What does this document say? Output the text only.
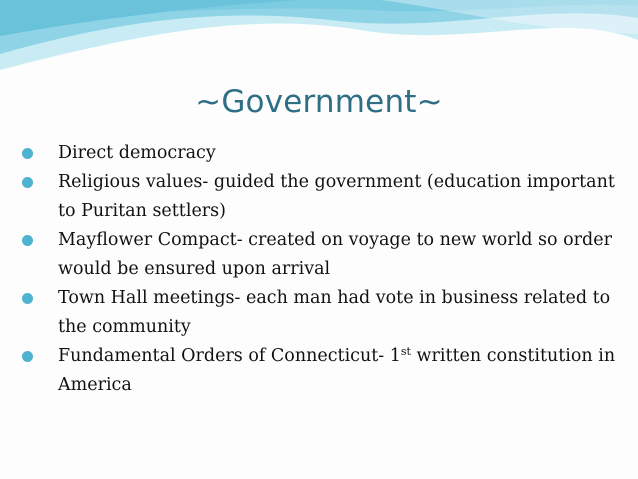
~Government~
Direct democracy
Religious values- guided the government (education important to Puritan settlers)
Mayflower Compact- created on voyage to new world so order would be ensured upon arrival
Town Hall meetings- each man had vote in business related to the community
Fundamental Orders of Connecticut- 1st written constitution in America
